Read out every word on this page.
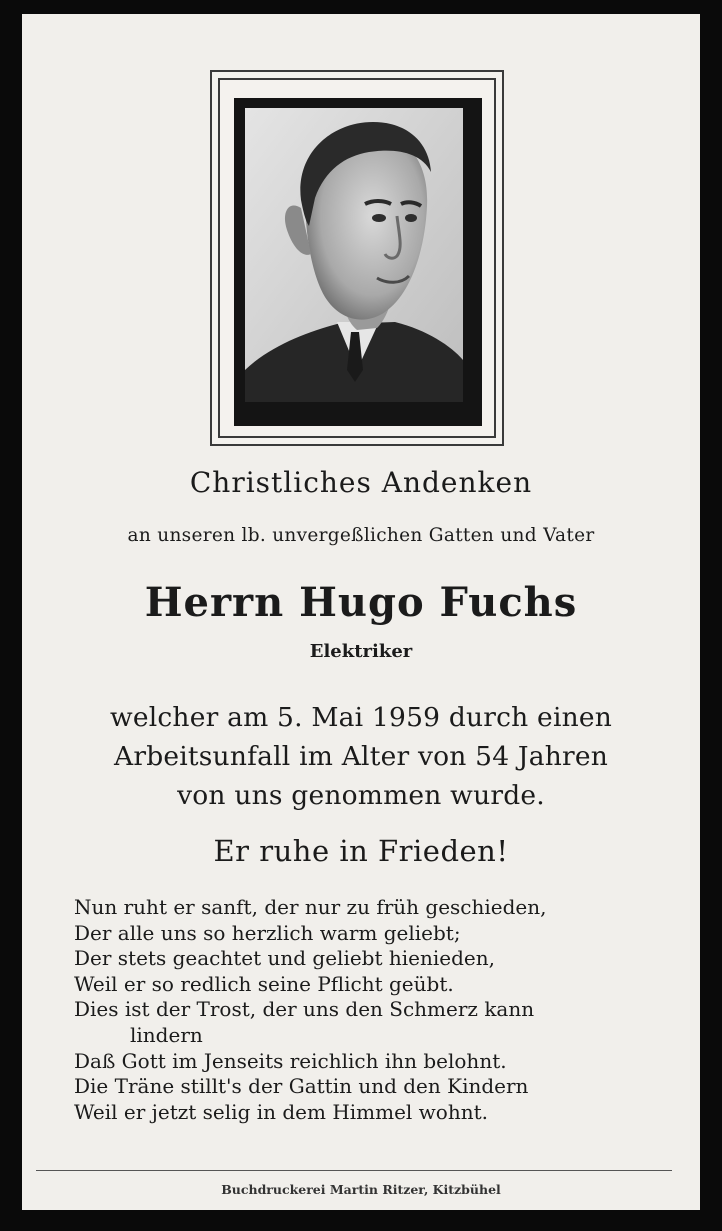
Christliches Andenken
an unseren lb. unvergeßlichen Gatten und Vater
Herrn Hugo Fuchs
Elektriker
welcher am 5. Mai 1959 durch einen
Arbeitsunfall im Alter von 54 Jahren
von uns genommen wurde.
Er ruhe in Frieden!
Nun ruht er sanft, der nur zu früh geschieden,
Der alle uns so herzlich warm geliebt;
Der stets geachtet und geliebt hienieden,
Weil er so redlich seine Pflicht geübt.
Dies ist der Trost, der uns den Schmerz kann
lindern
Daß Gott im Jenseits reichlich ihn belohnt.
Die Träne stillt's der Gattin und den Kindern
Weil er jetzt selig in dem Himmel wohnt.
Buchdruckerei Martin Ritzer, Kitzbühel
